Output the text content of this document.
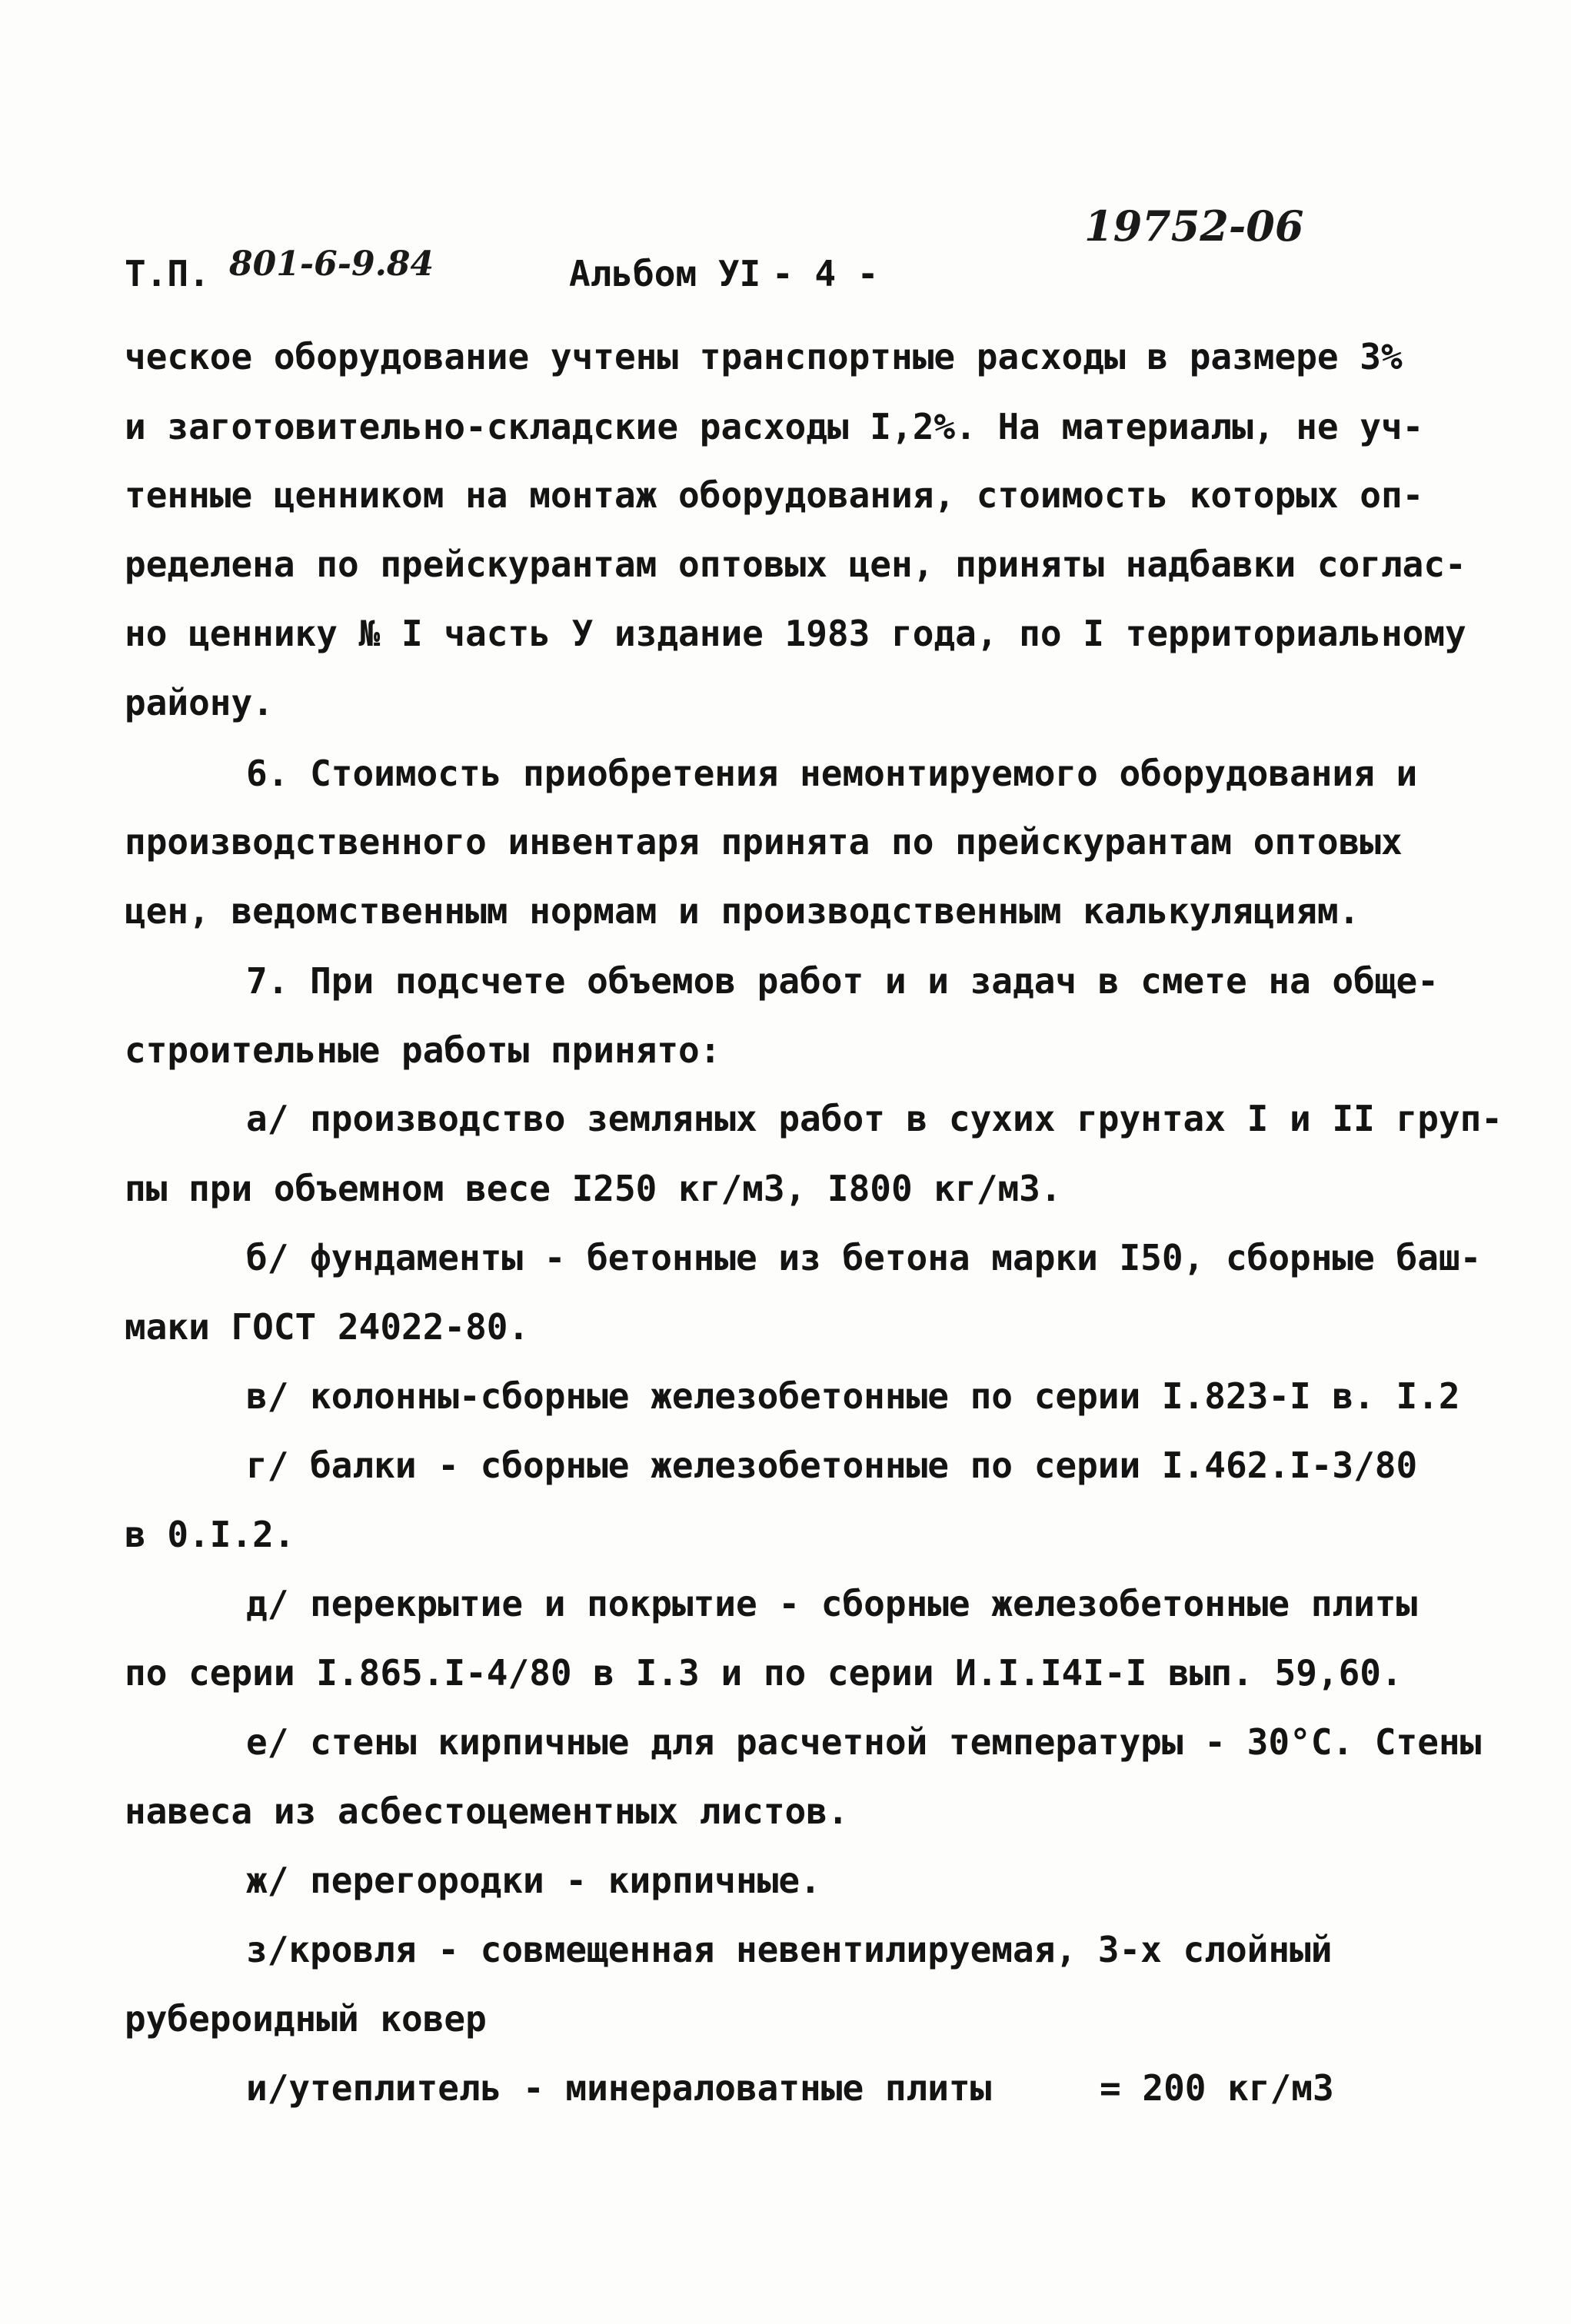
19752-06
Т.П. 801-6-9.84	Альбом УI - 4 -
ческое оборудование учтены транспортные расходы в размере 3%
и заготовительно-складские расходы I,2%. На материалы, не уч-
тенные ценником на монтаж оборудования, стоимость которых оп-
ределена по прейскурантам оптовых цен, приняты надбавки соглас-
но ценнику № I часть У издание 1983 года, по I территориальному
району.
6. Стоимость приобретения немонтируемого оборудования и
производственного инвентаря принята по прейскурантам оптовых
цен, ведомственным нормам и производственным калькуляциям.
7. При подсчете объемов работ и и задач в смете на обще-
строительные работы принято:
а/ производство земляных работ в сухих грунтах I и II груп-
пы при объемном весе I250 кг/м3, I800 кг/м3.
б/ фундаменты - бетонные из бетона марки I50, сборные баш-
маки ГОСТ 24022-80.
в/ колонны-сборные железобетонные по серии I.823-I в. I.2
г/ балки - сборные железобетонные по серии I.462.I-3/80
в 0.I.2.
д/ перекрытие и покрытие - сборные железобетонные плиты
по серии I.865.I-4/80 в I.3 и по серии И.I.I4I-I вып. 59,60.
е/ стены кирпичные для расчетной температуры - 30°С. Стены
навеса из асбестоцементных листов.
ж/ перегородки - кирпичные.
з/кровля - совмещенная невентилируемая, 3-х слойный
рубероидный ковер
и/утеплитель - минераловатные плиты	= 200 кг/м3
